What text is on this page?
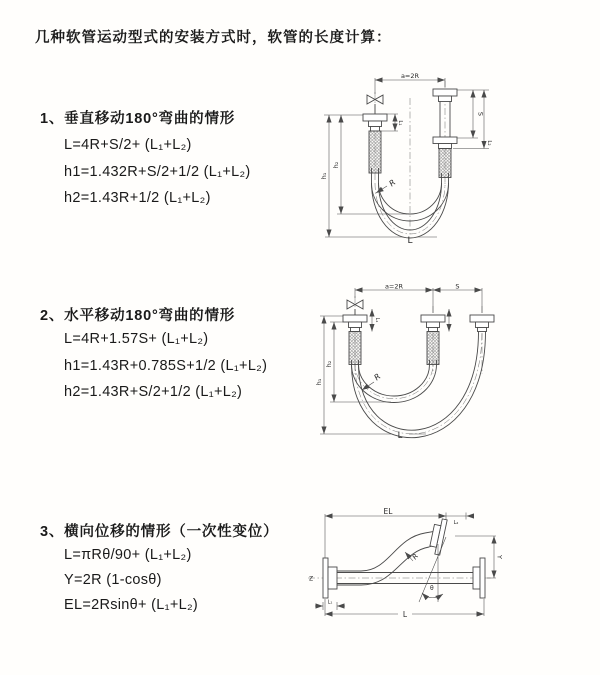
几种软管运动型式的安装方式时，软管的长度计算：
1、垂直移动180°弯曲的情形
L=4R+S/2+ (L₁+L₂)
h1=1.432R+S/2+1/2 (L₁+L₂)
h2=1.43R+1/2 (L₁+L₂)
a=2R
S
L₂
h₁
h₂
L₁
R
L
2、水平移动180°弯曲的情形
L=4R+1.57S+ (L₁+L₂)
h1=1.43R+0.785S+1/2 (L₁+L₂)
h2=1.43R+S/2+1/2 (L₁+L₂)
a=2R	S
h₁
h₂
L₁
R
L
3、横向位移的情形（一次性变位）
L=πRθ/90+ (L₁+L₂)
Y=2R (1-cosθ)
EL=2Rsinθ+ (L₁+L₂)
Z
EL
L₂
Y
R
θ
L₁
L
